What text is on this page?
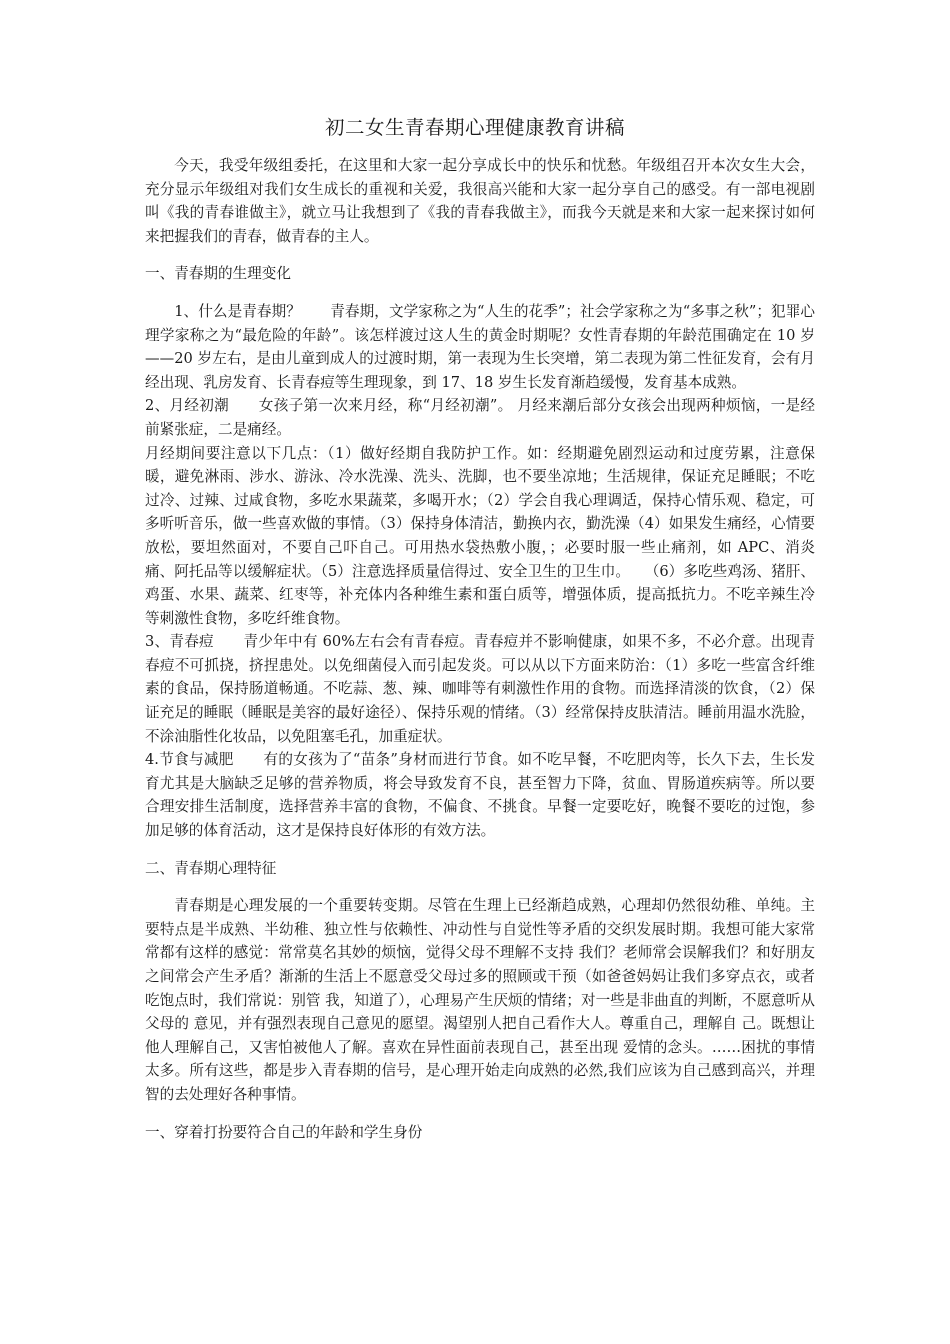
初二女生青春期心理健康教育讲稿

今天，我受年级组委托，在这里和大家一起分享成长中的快乐和忧愁。年级组召开本次女生大会，充分显示年级组对我们女生成长的重视和关爱，我很高兴能和大家一起分享自己的感受。有一部电视剧叫《我的青春谁做主》，就立马让我想到了《我的青春我做主》，而我今天就是来和大家一起来探讨如何来把握我们的青春，做青春的主人。

一、青春期的生理变化

1、什么是青春期？　　青春期，文学家称之为“人生的花季”；社会学家称之为“多事之秋”；犯罪心理学家称之为“最危险的年龄”。该怎样渡过这人生的黄金时期呢？女性青春期的年龄范围确定在 10 岁——20 岁左右，是由儿童到成人的过渡时期，第一表现为生长突增，第二表现为第二性征发育，会有月经出现、乳房发育、长青春痘等生理现象，到 17、18 岁生长发育渐趋缓慢，发育基本成熟。

2、月经初潮　　女孩子第一次来月经，称“月经初潮”。 月经来潮后部分女孩会出现两种烦恼，一是经前紧张症，二是痛经。

月经期间要注意以下几点：（1）做好经期自我防护工作。如：经期避免剧烈运动和过度劳累，注意保暖，避免淋雨、涉水、游泳、冷水洗澡、洗头、洗脚，也不要坐凉地；生活规律，保证充足睡眠；不吃过冷、过辣、过咸食物，多吃水果蔬菜，多喝开水；（2）学会自我心理调适，保持心情乐观、稳定，可多听听音乐，做一些喜欢做的事情。（3）保持身体清洁，勤换内衣，勤洗澡（4）如果发生痛经，心情要放松，要坦然面对，不要自己吓自己。可用热水袋热敷小腹，；必要时服一些止痛剂，如 APC、消炎痛、阿托品等以缓解症状。（5）注意选择质量信得过、安全卫生的卫生巾。　　（6）多吃些鸡汤、猪肝、鸡蛋、水果、蔬菜、红枣等，补充体内各种维生素和蛋白质等，增强体质，提高抵抗力。不吃辛辣生冷等刺激性食物，多吃纤维食物。

3、青春痘　　青少年中有 60%左右会有青春痘。青春痘并不影响健康，如果不多，不必介意。出现青春痘不可抓挠，挤捏患处。以免细菌侵入而引起发炎。可以从以下方面来防治：（1）多吃一些富含纤维素的食品，保持肠道畅通。不吃蒜、葱、辣、咖啡等有刺激性作用的食物。而选择清淡的饮食，（2）保证充足的睡眠（睡眠是美容的最好途径）、保持乐观的情绪。（3）经常保持皮肤清洁。睡前用温水洗脸，不涂油脂性化妆品，以免阻塞毛孔，加重症状。

4.节食与减肥　　有的女孩为了“苗条”身材而进行节食。如不吃早餐，不吃肥肉等，长久下去，生长发育尤其是大脑缺乏足够的营养物质，将会导致发育不良，甚至智力下降，贫血、胃肠道疾病等。所以要合理安排生活制度，选择营养丰富的食物，不偏食、不挑食。早餐一定要吃好，晚餐不要吃的过饱，参加足够的体育活动，这才是保持良好体形的有效方法。

二、青春期心理特征

青春期是心理发展的一个重要转变期。尽管在生理上已经渐趋成熟，心理却仍然很幼稚、单纯。主要特点是半成熟、半幼稚、独立性与依赖性、冲动性与自觉性等矛盾的交织发展时期。我想可能大家常常都有这样的感觉：常常莫名其妙的烦恼，觉得父母不理解不支持 我们？老师常会误解我们？和好朋友之间常会产生矛盾？渐渐的生活上不愿意受父母过多的照顾或干预（如爸爸妈妈让我们多穿点衣，或者吃饱点时，我们常说：别管 我，知道了），心理易产生厌烦的情绪；对一些是非曲直的判断，不愿意听从父母的 意见，并有强烈表现自己意见的愿望。渴望别人把自己看作大人。尊重自己，理解自 己。既想让他人理解自己，又害怕被他人了解。喜欢在异性面前表现自己，甚至出现 爱情的念头。……困扰的事情太多。所有这些，都是步入青春期的信号，是心理开始走向成熟的必然,我们应该为自己感到高兴，并理智的去处理好各种事情。

一、穿着打扮要符合自己的年龄和学生身份
